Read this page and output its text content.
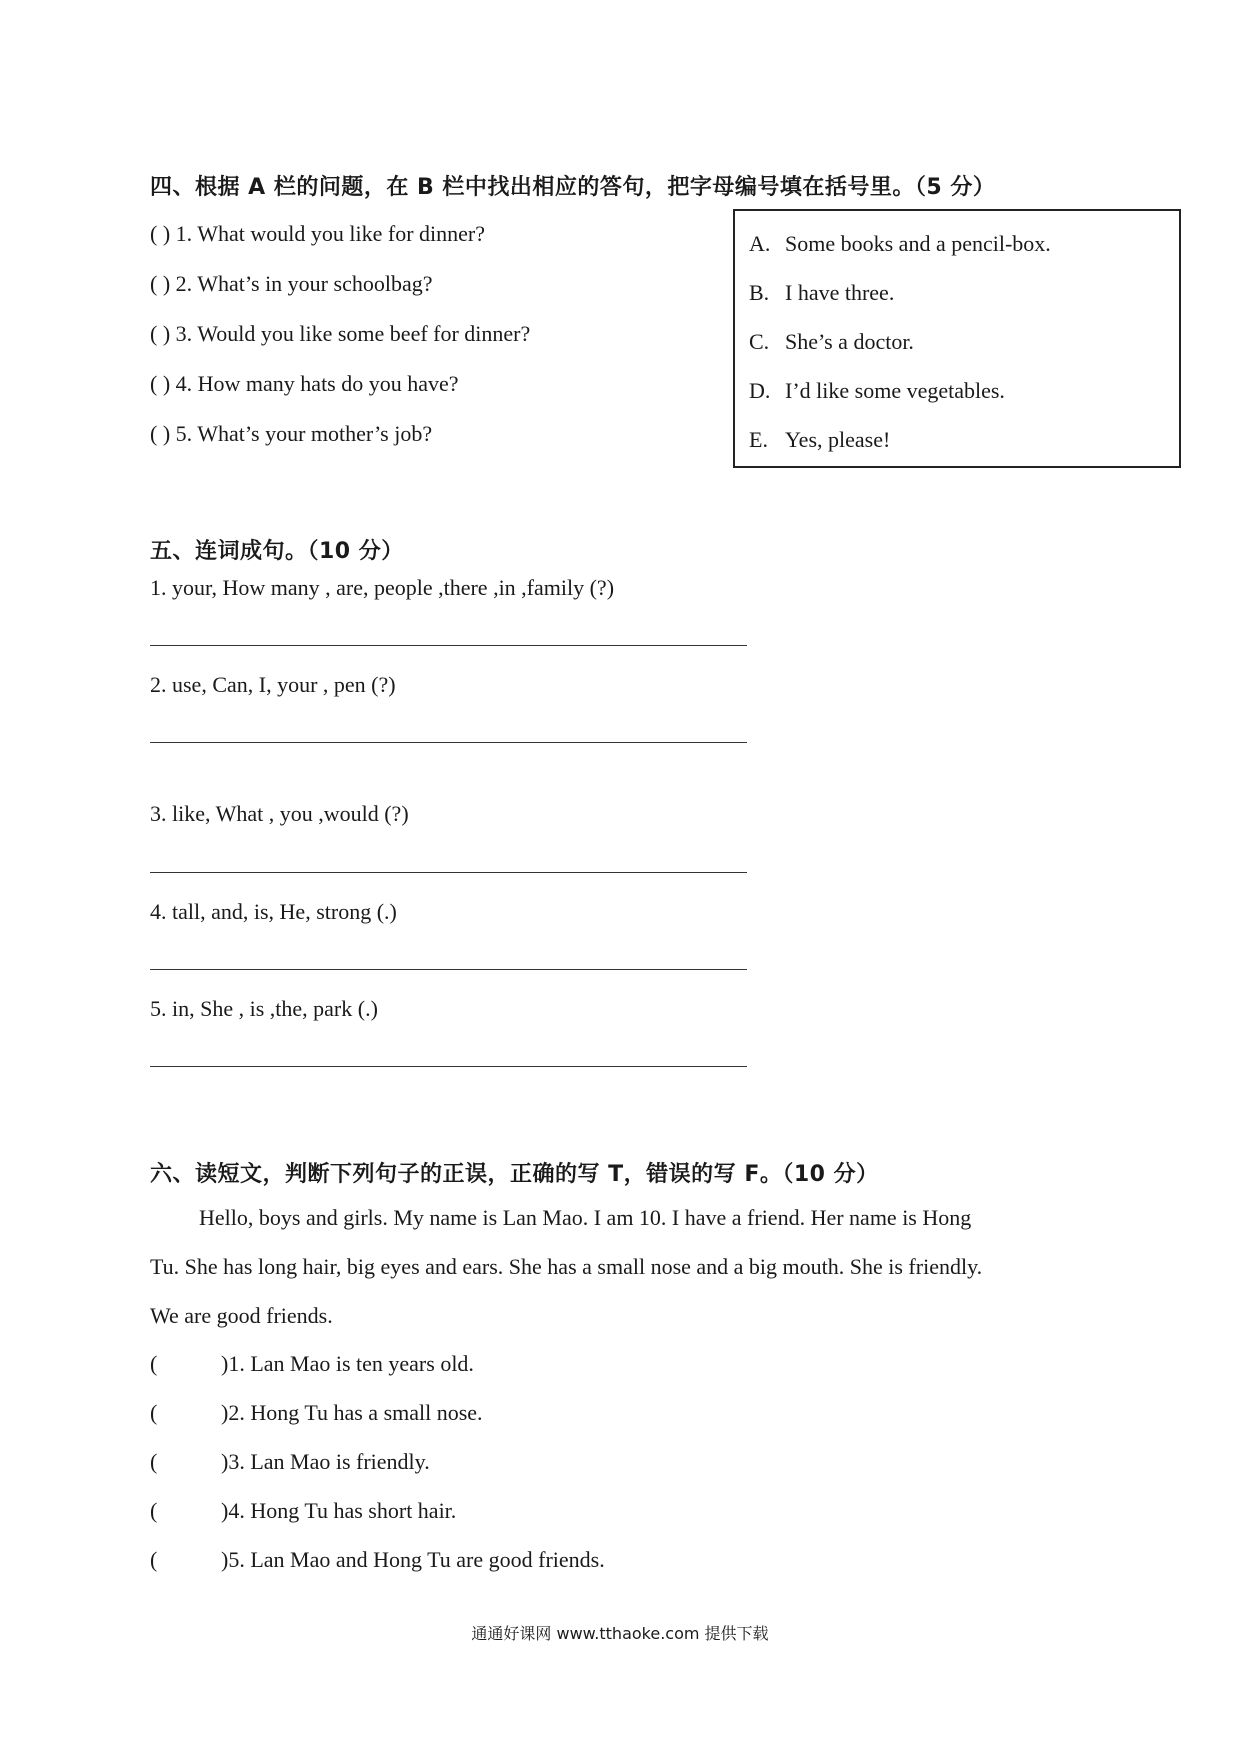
四、根据 A 栏的问题，在 B 栏中找出相应的答句，把字母编号填在括号里。（5 分）
( ) 1. What would you like for dinner?
( ) 2. What’s in your schoolbag?
( ) 3. Would you like some beef for dinner?
( ) 4. How many hats do you have?
( ) 5. What’s your mother’s job?
A. Some books and a pencil-box.
B. I have three.
C. She’s a doctor.
D. I’d like some vegetables.
E. Yes, please!
五、连词成句。（10 分）
1. your, How many , are, people ,there ,in ,family (?)
2. use, Can, I, your , pen (?)
3. like, What , you ,would (?)
4. tall, and, is, He, strong (.)
5. in, She , is ,the, park (.)
六、读短文，判断下列句子的正误，正确的写 T，错误的写 F。（10 分）
Hello, boys and girls. My name is Lan Mao. I am 10. I have a friend. Her name is Hong
Tu. She has long hair, big eyes and ears. She has a small nose and a big mouth. She is friendly.
We are good friends.
(	)1. Lan Mao is ten years old.
(	)2. Hong Tu has a small nose.
(	)3. Lan Mao is friendly.
(	)4. Hong Tu has short hair.
(	)5. Lan Mao and Hong Tu are good friends.
通通好课网 www.tthaoke.com 提供下载
